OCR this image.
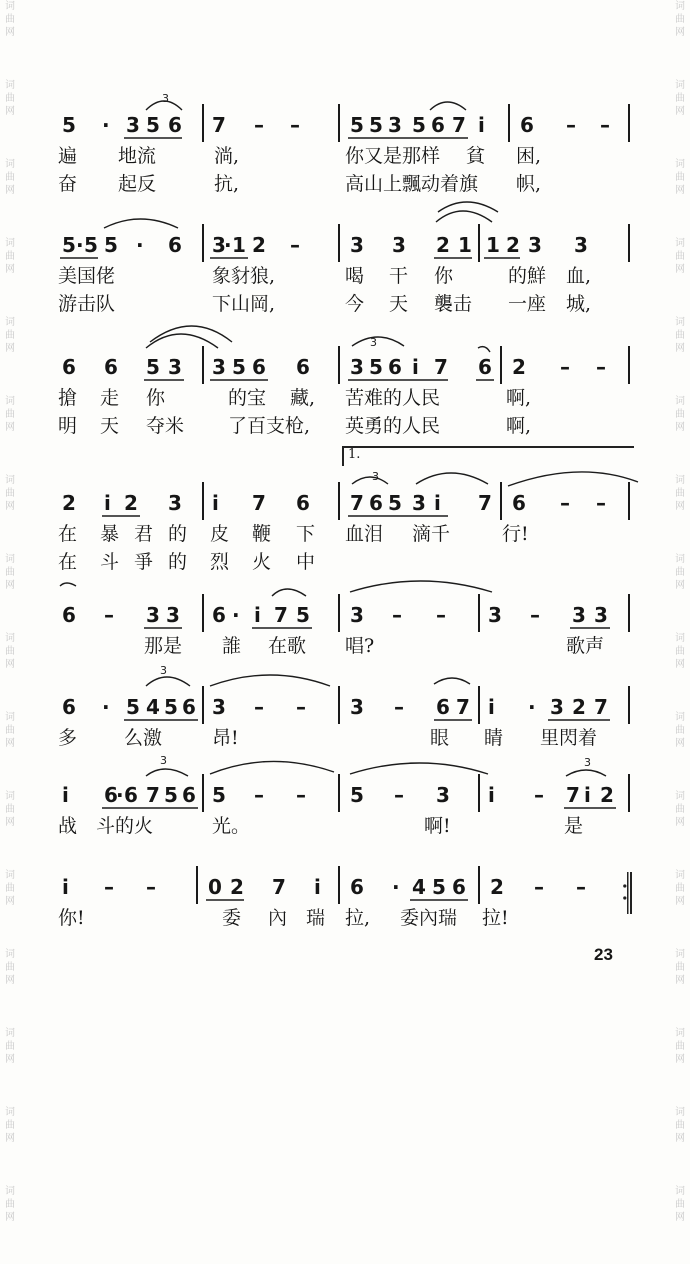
词
曲
网
词
曲
网
词
曲
网
词
曲
网
词
曲
网
词
曲
网
词
曲
网
词
曲
网
词
曲
网
词
曲
网
词
曲
网
词
曲
网
词
曲
网
词
曲
网
词
曲
网
词
曲
网
词
曲
网
词
曲
网
词
曲
网
词
曲
网
词
曲
网
词
曲
网
词
曲
网
词
曲
网
词
曲
网
词
曲
网
词
曲
网
词
曲
网
词
曲
网
词
曲
网
词
曲
网
词
曲
网
5 · 3 5 6 7 – –	5 5 3 5 6 7 i 6 – –
遍 地流	淌,	你又是那样 貧 困,
奋 起反	抗,	高山上飄动着旗 帜,
5 · 5 5 · 6 3
· 1 2 –	3 3 2 1 1 2 3 3
美国佬	象豺狼,	喝 干 你	的鮮 血,
游击队	下山岡,	今 天 襲击 一座 城,
6 6 5 3 3 5 6 6 3 5 6 i 7 6 2 – –
搶 走 你	的宝 藏, 苦难的人民	啊,
明 天 夺米 了百支枪, 英勇的人民	啊,
1.
2 i 2 3 i 7 6 7 6 5 3 i 7 6 – –
在 暴 君 的 皮 鞭 下 血泪 滴千	行!
在 斗 爭 的 烈 火 中
6 – 3 3 6 · i 7 5 3 – – 3 – 3 3
那是 誰 在歌 唱?	歌声
6 · 5 4 5 6 3 – – 3 – 6 7 i · 3 2 7
多 么激	昂!	眼 睛 里閃着
i 6
· 6 7 5 6 5 – – 5 – 3 i – 7 i 2
战 斗的火	光。	啊!	是
i – –	0 2 7 i 6 · 4 5 6 2 – –
你!	委 內 瑞 拉, 委內瑞 拉!
3
3
3
3
3	3
23
